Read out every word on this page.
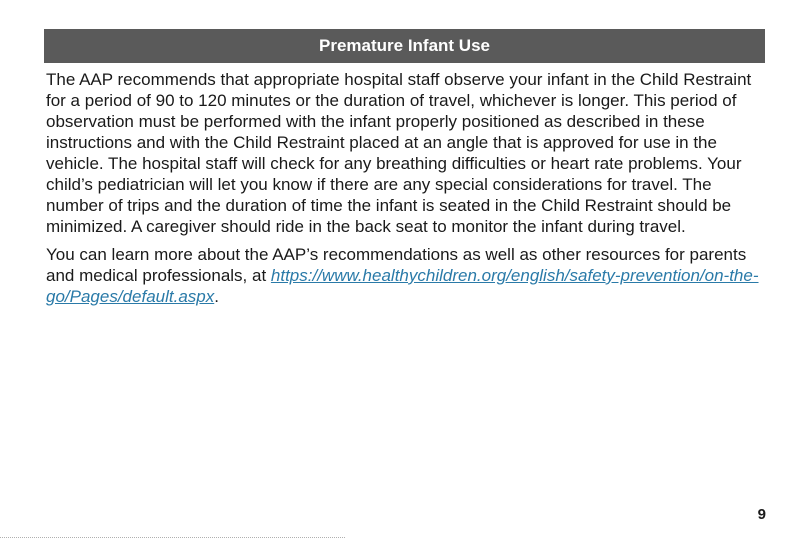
Premature Infant Use

The AAP recommends that appropriate hospital staff observe your infant in the Child Restraint for a period of 90 to 120 minutes or the duration of travel, whichever is longer. This period of observation must be performed with the infant properly positioned as described in these instructions and with the Child Restraint placed at an angle that is approved for use in the vehicle. The hospital staff will check for any breathing difficulties or heart rate problems. Your child’s pediatrician will let you know if there are any special considerations for travel. The number of trips and the duration of time the infant is seated in the Child Restraint should be minimized. A caregiver should ride in the back seat to monitor the infant during travel.

You can learn more about the AAP’s recommendations as well as other resources for parents and medical professionals, at https://www.healthychildren.org/english/safety-prevention/on-the-go/Pages/default.aspx.

9
